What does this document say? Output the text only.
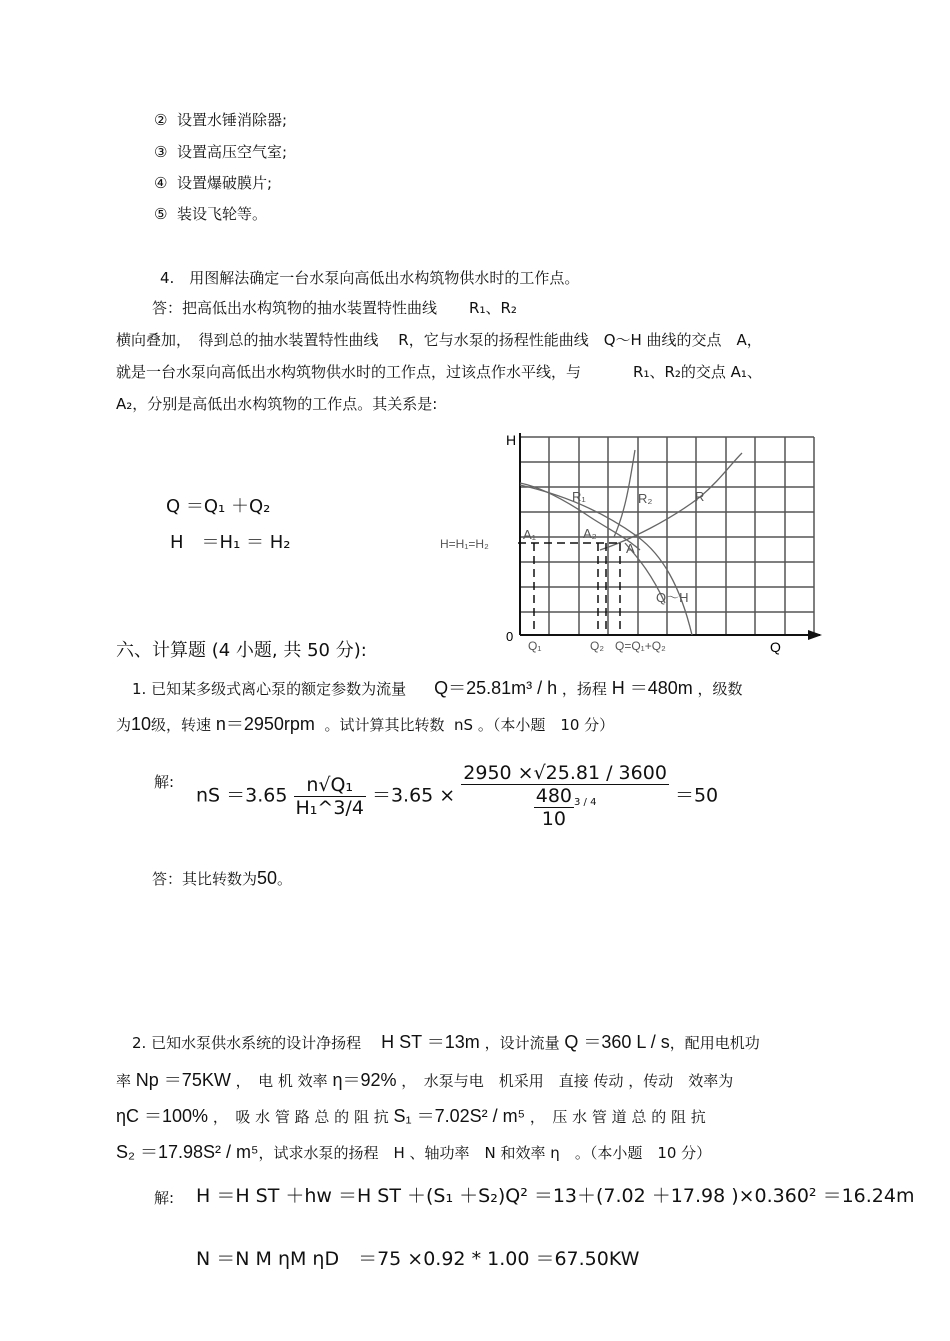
② 设置水锤消除器;
③ 设置高压空气室;
④ 设置爆破膜片;
⑤ 装设飞轮等。
4.　用图解法确定一台水泵向高低出水构筑物供水时的工作点。
答：把高低出水构筑物的抽水装置特性曲线 R₁、R₂
横向叠加，　得到总的抽水装置特性曲线　 R，它与水泵的扬程性能曲线　Q～H 曲线的交点　A，
就是一台水泵向高低出水构筑物供水时的工作点，过该点作水平线，与	R₁、R₂的交点 A₁、
A₂，分别是高低出水构筑物的工作点。其关系是:
Q ＝Q₁ ＋Q₂
H　＝H₁ ＝ H₂
H
Q
0
R₁	R₂	R
A₁	A₂
A
Q～H
H=H₁=H₂
Q₁	Q₂ Q=Q₁+Q₂
六、计算题 (4 小题, 共 50 分):
1. 已知某多级式离心泵的额定参数为流量 Q＝25.81m³ / h ，扬程 H ＝480m ，级数
为10级，转速 n＝2950rpm 。试计算其比转数 nS 。（本小题　10 分）
解:
nS $=3.65 \frac{\text{n√Q₁}}{\text{H₁\textasciicircum{}3/4}} =3.65 \times \frac{2950 \times√25.81 / 3600}{\frac{480}{10} ^{3 / 4}} =50$
答：其比转数为50。
2. 已知水泵供水系统的设计净扬程 H ST ＝13m ，设计流量 Q ＝360 L / s，配用电机功
率 Np ＝75KW ，　电 机 效率 η＝92% ，　水泵与电　机采用　直接 传动 ，传动　效率为
ηC ＝100% ，　吸 水 管 路 总 的 阻 抗 S₁ ＝7.02S² / m⁵ ，　压 水 管 道 总 的 阻 抗
S₂ ＝17.98S² / m⁵，试求水泵的扬程　H 、轴功率　N 和效率 η　。（本小题　10 分）
解: H ＝H ST ＋hw ＝H ST ＋(S₁ ＋S₂)Q² ＝13＋(7.02 ＋17.98 )×0.360² ＝16.24m
N ＝N M ηM ηD　＝75 ×0.92 * 1.00 ＝67.50KW
